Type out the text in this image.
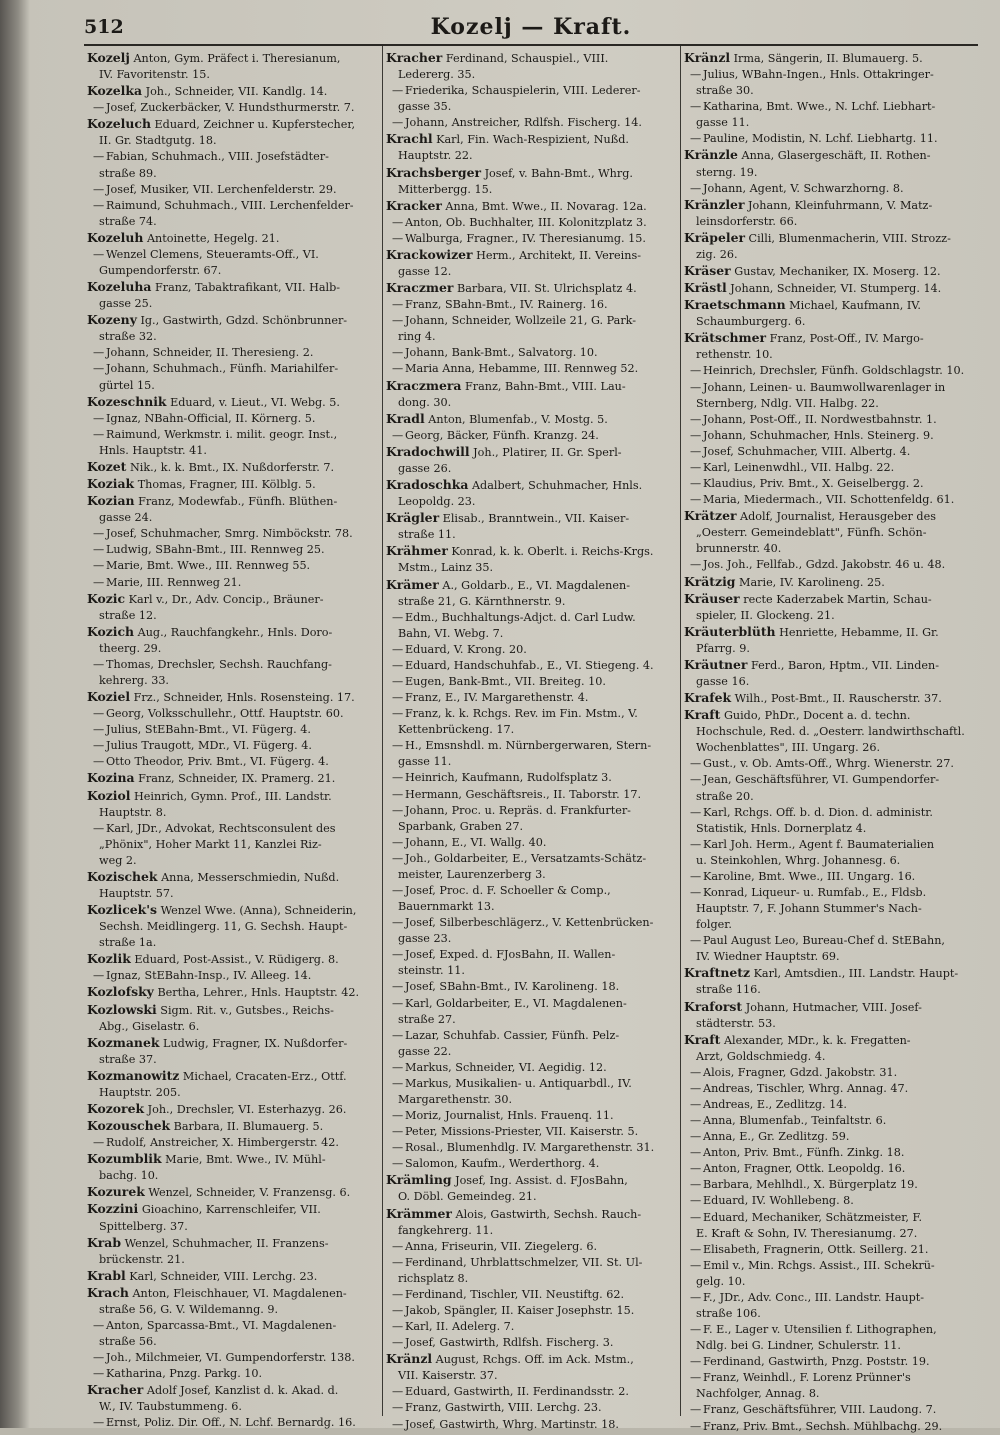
512	Kozelj — Kraft.
Kozelj Anton, Gym. Präfect i. Theresianum,
IV. Favoritenstr. 15.
Kozelka Joh., Schneider, VII. Kandlg. 14.
— Josef, Zuckerbäcker, V. Hundsthurmerstr. 7.
Kozeluch Eduard, Zeichner u. Kupferstecher,
II. Gr. Stadtgutg. 18.
— Fabian, Schuhmach., VIII. Josefstädter-
straße 89.
— Josef, Musiker, VII. Lerchenfelderstr. 29.
— Raimund, Schuhmach., VIII. Lerchenfelder-
straße 74.
Kozeluh Antoinette, Hegelg. 21.
— Wenzel Clemens, Steueramts-Off., VI.
Gumpendorferstr. 67.
Kozeluha Franz, Tabaktrafikant, VII. Halb-
gasse 25.
Kozeny Ig., Gastwirth, Gdzd. Schönbrunner-
straße 32.
— Johann, Schneider, II. Theresieng. 2.
— Johann, Schuhmach., Fünfh. Mariahilfer-
gürtel 15.
Kozeschnik Eduard, v. Lieut., VI. Webg. 5.
— Ignaz, NBahn-Official, II. Körnerg. 5.
— Raimund, Werkmstr. i. milit. geogr. Inst.,
Hnls. Hauptstr. 41.
Kozet Nik., k. k. Bmt., IX. Nußdorferstr. 7.
Koziak Thomas, Fragner, III. Kölblg. 5.
Kozian Franz, Modewfab., Fünfh. Blüthen-
gasse 24.
— Josef, Schuhmacher, Smrg. Nimböckstr. 78.
— Ludwig, SBahn-Bmt., III. Rennweg 25.
— Marie, Bmt. Wwe., III. Rennweg 55.
— Marie, III. Rennweg 21.
Kozic Karl v., Dr., Adv. Concip., Bräuner-
straße 12.
Kozich Aug., Rauchfangkehr., Hnls. Doro-
theerg. 29.
— Thomas, Drechsler, Sechsh. Rauchfang-
kehrerg. 33.
Koziel Frz., Schneider, Hnls. Rosensteing. 17.
— Georg, Volksschullehr., Ottf. Hauptstr. 60.
— Julius, StEBahn-Bmt., VI. Fügerg. 4.
— Julius Traugott, MDr., VI. Fügerg. 4.
— Otto Theodor, Priv. Bmt., VI. Fügerg. 4.
Kozina Franz, Schneider, IX. Pramerg. 21.
Koziol Heinrich, Gymn. Prof., III. Landstr.
Hauptstr. 8.
— Karl, JDr., Advokat, Rechtsconsulent des
„Phönix", Hoher Markt 11, Kanzlei Riz-
weg 2.
Kozischek Anna, Messerschmiedin, Nußd.
Hauptstr. 57.
Kozlicek's Wenzel Wwe. (Anna), Schneiderin,
Sechsh. Meidlingerg. 11, G. Sechsh. Haupt-
straße 1a.
Kozlik Eduard, Post-Assist., V. Rüdigerg. 8.
— Ignaz, StEBahn-Insp., IV. Alleeg. 14.
Kozlofsky Bertha, Lehrer., Hnls. Hauptstr. 42.
Kozlowski Sigm. Rit. v., Gutsbes., Reichs-
Abg., Giselastr. 6.
Kozmanek Ludwig, Fragner, IX. Nußdorfer-
straße 37.
Kozmanowitz Michael, Cracaten-Erz., Ottf.
Hauptstr. 205.
Kozorek Joh., Drechsler, VI. Esterhazyg. 26.
Kozouschek Barbara, II. Blumauerg. 5.
— Rudolf, Anstreicher, X. Himbergerstr. 42.
Kozumblik Marie, Bmt. Wwe., IV. Mühl-
bachg. 10.
Kozurek Wenzel, Schneider, V. Franzensg. 6.
Kozzini Gioachino, Karrenschleifer, VII.
Spittelberg. 37.
Krab Wenzel, Schuhmacher, II. Franzens-
brückenstr. 21.
Krabl Karl, Schneider, VIII. Lerchg. 23.
Krach Anton, Fleischhauer, VI. Magdalenen-
straße 56, G. V. Wildemanng. 9.
— Anton, Sparcassa-Bmt., VI. Magdalenen-
straße 56.
— Joh., Milchmeier, VI. Gumpendorferstr. 138.
— Katharina, Pnzg. Parkg. 10.
Kracher Adolf Josef, Kanzlist d. k. Akad. d.
W., IV. Taubstummeng. 6.
— Ernst, Poliz. Dir. Off., N. Lchf. Bernardg. 16.
Kracher Ferdinand, Schauspiel., VIII.
Ledererg. 35.
— Friederika, Schauspielerin, VIII. Lederer-
gasse 35.
— Johann, Anstreicher, Rdlfsh. Fischerg. 14.
Krachl Karl, Fin. Wach-Respizient, Nußd.
Hauptstr. 22.
Krachsberger Josef, v. Bahn-Bmt., Whrg.
Mitterbergg. 15.
Kracker Anna, Bmt. Wwe., II. Novarag. 12a.
— Anton, Ob. Buchhalter, III. Kolonitzplatz 3.
— Walburga, Fragner., IV. Theresianumg. 15.
Krackowizer Herm., Architekt, II. Vereins-
gasse 12.
Kraczmer Barbara, VII. St. Ulrichsplatz 4.
— Franz, SBahn-Bmt., IV. Rainerg. 16.
— Johann, Schneider, Wollzeile 21, G. Park-
ring 4.
— Johann, Bank-Bmt., Salvatorg. 10.
— Maria Anna, Hebamme, III. Rennweg 52.
Kraczmera Franz, Bahn-Bmt., VIII. Lau-
dong. 30.
Kradl Anton, Blumenfab., V. Mostg. 5.
— Georg, Bäcker, Fünfh. Kranzg. 24.
Kradochwill Joh., Platirer, II. Gr. Sperl-
gasse 26.
Kradoschka Adalbert, Schuhmacher, Hnls.
Leopoldg. 23.
Krägler Elisab., Branntwein., VII. Kaiser-
straße 11.
Krähmer Konrad, k. k. Oberlt. i. Reichs-Krgs.
Mstm., Lainz 35.
Krämer A., Goldarb., E., VI. Magdalenen-
straße 21, G. Kärnthnerstr. 9.
— Edm., Buchhaltungs-Adjct. d. Carl Ludw.
Bahn, VI. Webg. 7.
— Eduard, V. Krong. 20.
— Eduard, Handschuhfab., E., VI. Stiegeng. 4.
— Eugen, Bank-Bmt., VII. Breiteg. 10.
— Franz, E., IV. Margarethenstr. 4.
— Franz, k. k. Rchgs. Rev. im Fin. Mstm., V.
Kettenbrückeng. 17.
— H., Emsnshdl. m. Nürnbergerwaren, Stern-
gasse 11.
— Heinrich, Kaufmann, Rudolfsplatz 3.
— Hermann, Geschäftsreis., II. Taborstr. 17.
— Johann, Proc. u. Repräs. d. Frankfurter-
Sparbank, Graben 27.
— Johann, E., VI. Wallg. 40.
— Joh., Goldarbeiter, E., Versatzamts-Schätz-
meister, Laurenzerberg 3.
— Josef, Proc. d. F. Schoeller & Comp.,
Bauernmarkt 13.
— Josef, Silberbeschlägerz., V. Kettenbrücken-
gasse 23.
— Josef, Exped. d. FJosBahn, II. Wallen-
steinstr. 11.
— Josef, SBahn-Bmt., IV. Karolineng. 18.
— Karl, Goldarbeiter, E., VI. Magdalenen-
straße 27.
— Lazar, Schuhfab. Cassier, Fünfh. Pelz-
gasse 22.
— Markus, Schneider, VI. Aegidig. 12.
— Markus, Musikalien- u. Antiquarbdl., IV.
Margarethenstr. 30.
— Moriz, Journalist, Hnls. Frauenq. 11.
— Peter, Missions-Priester, VII. Kaiserstr. 5.
— Rosal., Blumenhdlg. IV. Margarethenstr. 31.
— Salomon, Kaufm., Werderthorg. 4.
Krämling Josef, Ing. Assist. d. FJosBahn,
O. Döbl. Gemeindeg. 21.
Krämmer Alois, Gastwirth, Sechsh. Rauch-
fangkehrerg. 11.
— Anna, Friseurin, VII. Ziegelerg. 6.
— Ferdinand, Uhrblattschmelzer, VII. St. Ul-
richsplatz 8.
— Ferdinand, Tischler, VII. Neustiftg. 62.
— Jakob, Spängler, II. Kaiser Josephstr. 15.
— Karl, II. Adelerg. 7.
— Josef, Gastwirth, Rdlfsh. Fischerg. 3.
Kränzl August, Rchgs. Off. im Ack. Mstm.,
VII. Kaiserstr. 37.
— Eduard, Gastwirth, II. Ferdinandsstr. 2.
— Franz, Gastwirth, VIII. Lerchg. 23.
— Josef, Gastwirth, Whrg. Martinstr. 18.
Kränzl Irma, Sängerin, II. Blumauerg. 5.
— Julius, WBahn-Ingen., Hnls. Ottakringer-
straße 30.
— Katharina, Bmt. Wwe., N. Lchf. Liebhart-
gasse 11.
— Pauline, Modistin, N. Lchf. Liebhartg. 11.
Kränzle Anna, Glasergeschäft, II. Rothen-
sterng. 19.
— Johann, Agent, V. Schwarzhorng. 8.
Kränzler Johann, Kleinfuhrmann, V. Matz-
leinsdorferstr. 66.
Kräpeler Cilli, Blumenmacherin, VIII. Strozz-
zig. 26.
Kräser Gustav, Mechaniker, IX. Moserg. 12.
Krästl Johann, Schneider, VI. Stumperg. 14.
Kraetschmann Michael, Kaufmann, IV.
Schaumburgerg. 6.
Krätschmer Franz, Post-Off., IV. Margo-
rethenstr. 10.
— Heinrich, Drechsler, Fünfh. Goldschlagstr. 10.
— Johann, Leinen- u. Baumwollwarenlager in
Sternberg, Ndlg. VII. Halbg. 22.
— Johann, Post-Off., II. Nordwestbahnstr. 1.
— Johann, Schuhmacher, Hnls. Steinerg. 9.
— Josef, Schuhmacher, VIII. Albertg. 4.
— Karl, Leinenwdhl., VII. Halbg. 22.
— Klaudius, Priv. Bmt., X. Geiselbergg. 2.
— Maria, Miedermach., VII. Schottenfeldg. 61.
Krätzer Adolf, Journalist, Herausgeber des
„Oesterr. Gemeindeblatt", Fünfh. Schön-
brunnerstr. 40.
— Jos. Joh., Fellfab., Gdzd. Jakobstr. 46 u. 48.
Krätzig Marie, IV. Karolineng. 25.
Kräuser recte Kaderzabek Martin, Schau-
spieler, II. Glockeng. 21.
Kräuterblüth Henriette, Hebamme, II. Gr.
Pfarrg. 9.
Kräutner Ferd., Baron, Hptm., VII. Linden-
gasse 16.
Krafek Wilh., Post-Bmt., II. Rauscherstr. 37.
Kraft Guido, PhDr., Docent a. d. techn.
Hochschule, Red. d. „Oesterr. landwirthschaftl.
Wochenblattes", III. Ungarg. 26.
— Gust., v. Ob. Amts-Off., Whrg. Wienerstr. 27.
— Jean, Geschäftsführer, VI. Gumpendorfer-
straße 20.
— Karl, Rchgs. Off. b. d. Dion. d. administr.
Statistik, Hnls. Dornerplatz 4.
— Karl Joh. Herm., Agent f. Baumaterialien
u. Steinkohlen, Whrg. Johannesg. 6.
— Karoline, Bmt. Wwe., III. Ungarg. 16.
— Konrad, Liqueur- u. Rumfab., E., Fldsb.
Hauptstr. 7, F. Johann Stummer's Nach-
folger.
— Paul August Leo, Bureau-Chef d. StEBahn,
IV. Wiedner Hauptstr. 69.
Kraftnetz Karl, Amtsdien., III. Landstr. Haupt-
straße 116.
Kraforst Johann, Hutmacher, VIII. Josef-
städterstr. 53.
Kraft Alexander, MDr., k. k. Fregatten-
Arzt, Goldschmiedg. 4.
— Alois, Fragner, Gdzd. Jakobstr. 31.
— Andreas, Tischler, Whrg. Annag. 47.
— Andreas, E., Zedlitzg. 14.
— Anna, Blumenfab., Teinfaltstr. 6.
— Anna, E., Gr. Zedlitzg. 59.
— Anton, Priv. Bmt., Fünfh. Zinkg. 18.
— Anton, Fragner, Ottk. Leopoldg. 16.
— Barbara, Mehlhdl., X. Bürgerplatz 19.
— Eduard, IV. Wohllebeng. 8.
— Eduard, Mechaniker, Schätzmeister, F.
E. Kraft & Sohn, IV. Theresianumg. 27.
— Elisabeth, Fragnerin, Ottk. Seillerg. 21.
— Emil v., Min. Rchgs. Assist., III. Schekrü-
gelg. 10.
— F., JDr., Adv. Conc., III. Landstr. Haupt-
straße 106.
— F. E., Lager v. Utensilien f. Lithographen,
Ndlg. bei G. Lindner, Schulerstr. 11.
— Ferdinand, Gastwirth, Pnzg. Poststr. 19.
— Franz, Weinhdl., F. Lorenz Prünner's
Nachfolger, Annag. 8.
— Franz, Geschäftsführer, VIII. Laudong. 7.
— Franz, Priv. Bmt., Sechsh. Mühlbachg. 29.
